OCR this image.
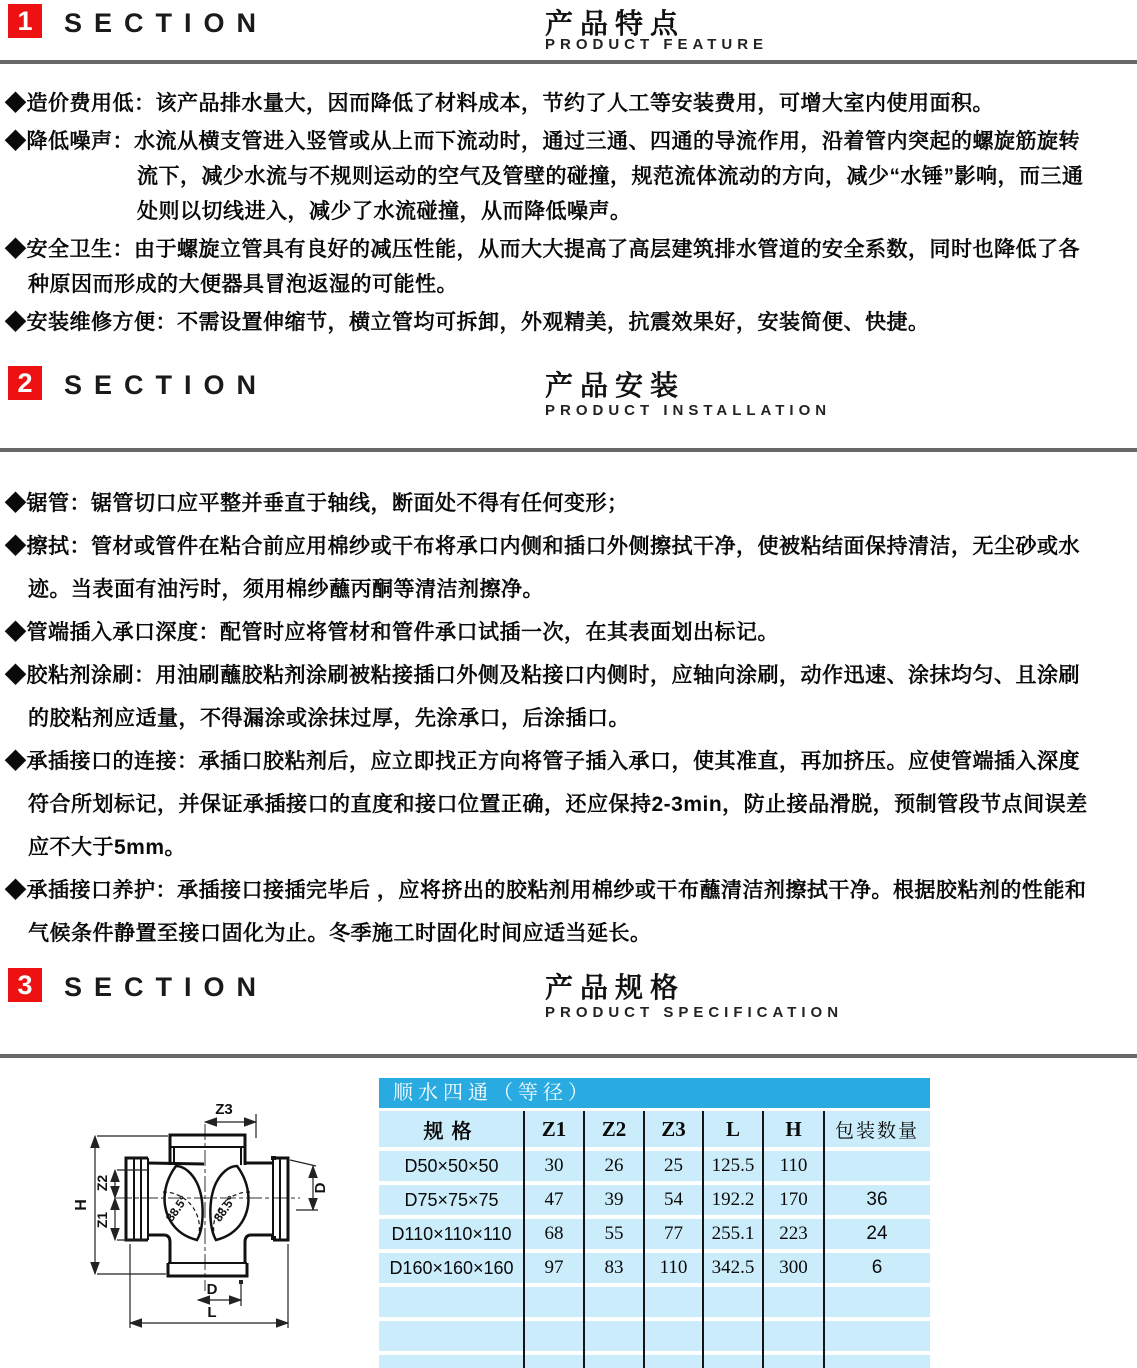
1	SECTION	产品特点
PRODUCT FEATURE

◆造价费用低：该产品排水量大，因而降低了材料成本，节约了人工等安装费用，可增大室内使用面积。

◆降低噪声：水流从横支管进入竖管或从上而下流动时，通过三通、四通的导流作用，沿着管内突起的螺旋筋旋转流下，减少水流与不规则运动的空气及管壁的碰撞，规范流体流动的方向，减少“水锤”影响，而三通处则以切线进入，减少了水流碰撞，从而降低噪声。

◆安全卫生：由于螺旋立管具有良好的减压性能，从而大大提高了高层建筑排水管道的安全系数，同时也降低了各种原因而形成的大便器具冒泡返湿的可能性。

◆安装维修方便：不需设置伸缩节，横立管均可拆卸，外观精美，抗震效果好，安装简便、快捷。

2	SECTION	产品安装
PRODUCT INSTALLATION

◆锯管：锯管切口应平整并垂直于轴线，断面处不得有任何变形；

◆擦拭：管材或管件在粘合前应用棉纱或干布将承口内侧和插口外侧擦拭干净，使被粘结面保持清洁，无尘砂或水迹。当表面有油污时，须用棉纱蘸丙酮等清洁剂擦净。

◆管端插入承口深度：配管时应将管材和管件承口试插一次，在其表面划出标记。

◆胶粘剂涂刷：用油刷蘸胶粘剂涂刷被粘接插口外侧及粘接口内侧时，应轴向涂刷，动作迅速、涂抹均匀、且涂刷的胶粘剂应适量，不得漏涂或涂抹过厚，先涂承口，后涂插口。

◆承插接口的连接：承插口胶粘剂后，应立即找正方向将管子插入承口，使其准直，再加挤压。应使管端插入深度符合所划标记，并保证承插接口的直度和接口位置正确，还应保持2-3min，防止接品滑脱，预制管段节点间误差应不大于5mm。

◆承插接口养护：承插接口接插完毕后 ，应将挤出的胶粘剂用棉纱或干布蘸清洁剂擦拭干净。根据胶粘剂的性能和气候条件静置至接口固化为止。冬季施工时固化时间应适当延长。

3	SECTION	产品规格
PRODUCT SPECIFICATION
Z3
H
Z2
Z1
D
D
L
88.5° 88.5°
顺水四通（等径）
规格	Z1	Z2	Z3	L	H	包装数量
D50×50×50	30	26	25	125.5	110
D75×75×75	47	39	54	192.2	170	36
D110×110×110	68	55	77	255.1	223	24
D160×160×160	97	83	110	342.5	300	6
